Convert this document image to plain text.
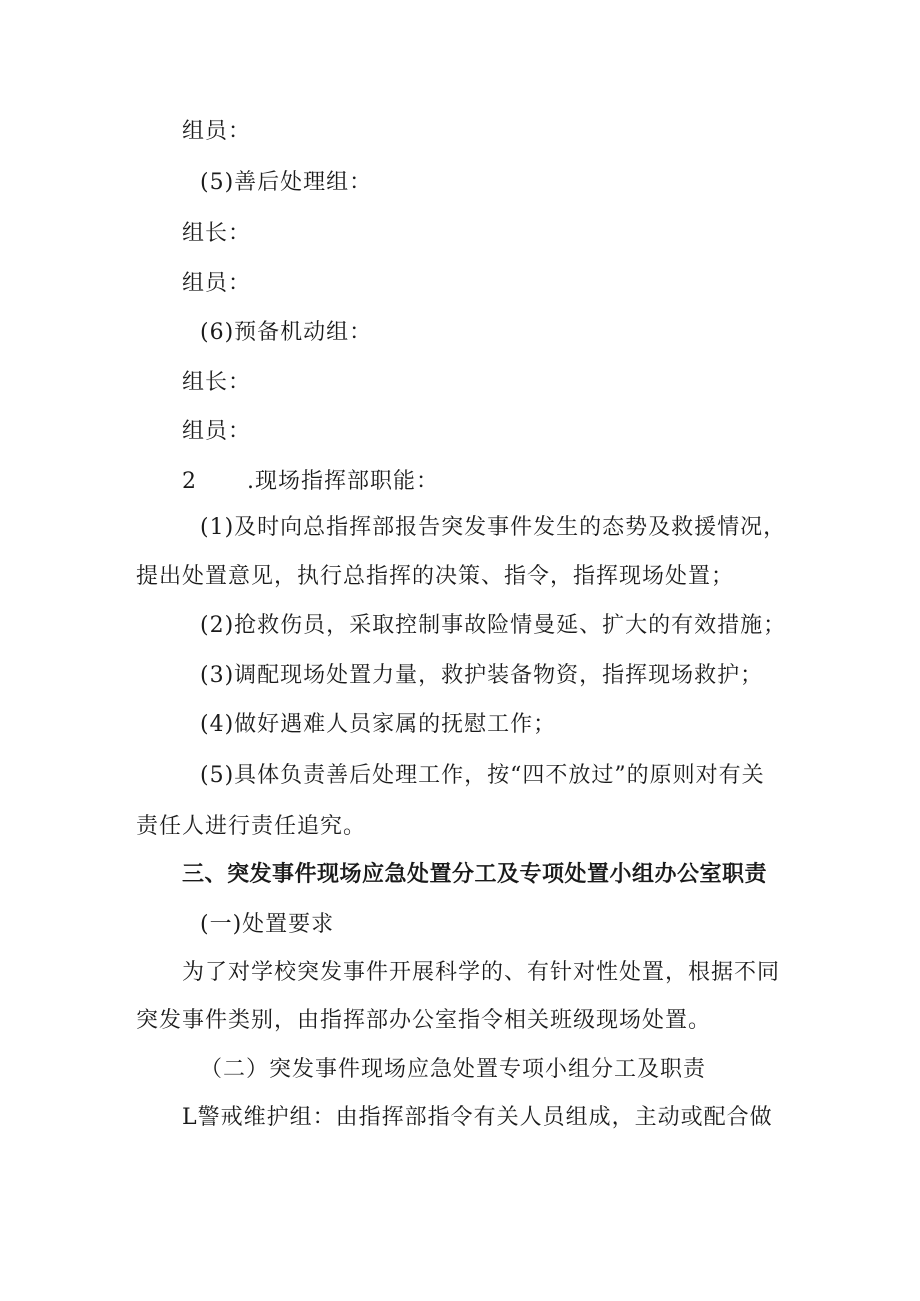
组员：
(5)善后处理组：
组长：
组员：
(6)预备机动组：
组长：
组员：
2 .现场指挥部职能：
(1)及时向总指挥部报告突发事件发生的态势及救援情况，
提出处置意见，执行总指挥的决策、指令，指挥现场处置；
(2)抢救伤员，采取控制事故险情曼延、扩大的有效措施；
(3)调配现场处置力量，救护装备物资，指挥现场救护；
(4)做好遇难人员家属的抚慰工作；
(5)具体负责善后处理工作，按“四不放过”的原则对有关
责任人进行责任追究。
三、突发事件现场应急处置分工及专项处置小组办公室职责
(一)处置要求
为了对学校突发事件开展科学的、有针对性处置，根据不同
突发事件类别，由指挥部办公室指令相关班级现场处置。
（二）突发事件现场应急处置专项小组分工及职责
L警戒维护组：由指挥部指令有关人员组成，主动或配合做
